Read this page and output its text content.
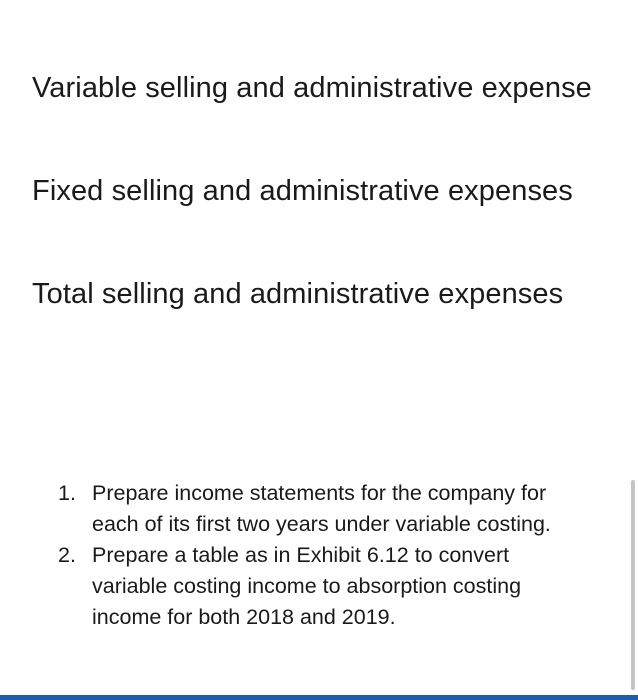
Variable selling and administrative expense
Fixed selling and administrative expenses
Total selling and administrative expenses
1. Prepare income statements for the company for
each of its first two years under variable costing.
2. Prepare a table as in Exhibit 6.12 to convert
variable costing income to absorption costing
income for both 2018 and 2019.
